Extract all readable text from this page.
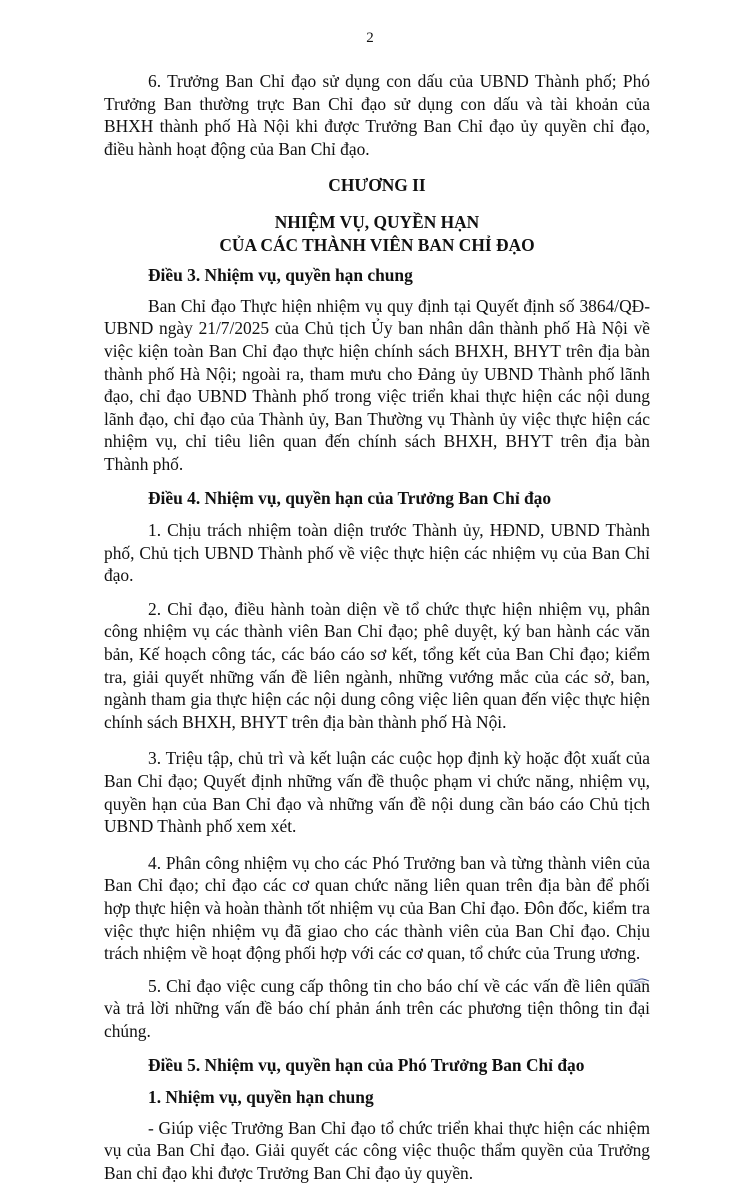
2

6. Trưởng Ban Chỉ đạo sử dụng con dấu của UBND Thành phố; Phó Trưởng Ban thường trực Ban Chỉ đạo sử dụng con dấu và tài khoản của BHXH thành phố Hà Nội khi được Trưởng Ban Chỉ đạo ủy quyền chỉ đạo, điều hành hoạt động của Ban Chỉ đạo.

CHƯƠNG II

NHIỆM VỤ, QUYỀN HẠN

CỦA CÁC THÀNH VIÊN BAN CHỈ ĐẠO

Điều 3. Nhiệm vụ, quyền hạn chung

Ban Chỉ đạo Thực hiện nhiệm vụ quy định tại Quyết định số 3864/QĐ-UBND ngày 21/7/2025 của Chủ tịch Ủy ban nhân dân thành phố Hà Nội về việc kiện toàn Ban Chỉ đạo thực hiện chính sách BHXH, BHYT trên địa bàn thành phố Hà Nội; ngoài ra, tham mưu cho Đảng ủy UBND Thành phố lãnh đạo, chỉ đạo UBND Thành phố trong việc triển khai thực hiện các nội dung lãnh đạo, chỉ đạo của Thành ủy, Ban Thường vụ Thành ủy việc thực hiện các nhiệm vụ, chỉ tiêu liên quan đến chính sách BHXH, BHYT trên địa bàn Thành phố.

Điều 4. Nhiệm vụ, quyền hạn của Trưởng Ban Chỉ đạo

1. Chịu trách nhiệm toàn diện trước Thành ủy, HĐND, UBND Thành phố, Chủ tịch UBND Thành phố về việc thực hiện các nhiệm vụ của Ban Chỉ đạo.

2. Chỉ đạo, điều hành toàn diện về tổ chức thực hiện nhiệm vụ, phân công nhiệm vụ các thành viên Ban Chỉ đạo; phê duyệt, ký ban hành các văn bản, Kế hoạch công tác, các báo cáo sơ kết, tổng kết của Ban Chỉ đạo; kiểm tra, giải quyết những vấn đề liên ngành, những vướng mắc của các sở, ban, ngành tham gia thực hiện các nội dung công việc liên quan đến việc thực hiện chính sách BHXH, BHYT trên địa bàn thành phố Hà Nội.

3. Triệu tập, chủ trì và kết luận các cuộc họp định kỳ hoặc đột xuất của Ban Chỉ đạo; Quyết định những vấn đề thuộc phạm vi chức năng, nhiệm vụ, quyền hạn của Ban Chỉ đạo và những vấn đề nội dung cần báo cáo Chủ tịch UBND Thành phố xem xét.

4. Phân công nhiệm vụ cho các Phó Trưởng ban và từng thành viên của Ban Chỉ đạo; chỉ đạo các cơ quan chức năng liên quan trên địa bàn để phối hợp thực hiện và hoàn thành tốt nhiệm vụ của Ban Chỉ đạo. Đôn đốc, kiểm tra việc thực hiện nhiệm vụ đã giao cho các thành viên của Ban Chỉ đạo. Chịu trách nhiệm về hoạt động phối hợp với các cơ quan, tổ chức của Trung ương.

5. Chỉ đạo việc cung cấp thông tin cho báo chí về các vấn đề liên quan và trả lời những vấn đề báo chí phản ánh trên các phương tiện thông tin đại chúng.

Điều 5. Nhiệm vụ, quyền hạn của Phó Trưởng Ban Chỉ đạo

1. Nhiệm vụ, quyền hạn chung

- Giúp việc Trưởng Ban Chỉ đạo tổ chức triển khai thực hiện các nhiệm vụ của Ban Chỉ đạo. Giải quyết các công việc thuộc thẩm quyền của Trưởng Ban chỉ đạo khi được Trưởng Ban Chỉ đạo ủy quyền.
